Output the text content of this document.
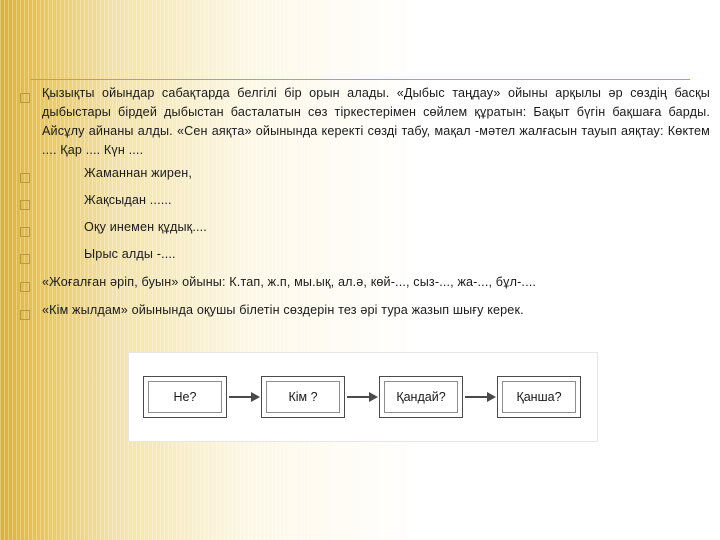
Қызықты ойындар сабақтарда белгілі бір орын алады. «Дыбыс таңдау» ойыны арқылы әр сөздің басқы дыбыстары бірдей дыбыстан басталатын сөз тіркестерімен сөйлем құратын: Бақыт бүгін бақшаға барды. Айсұлу айнаны алды. «Сен аяқта» ойынында керекті сөзді табу, мақал -мәтел жалғасын тауып аяқтау: Көктем .... Қар .... Күн ....
Жаманнан жирен,
Жақсыдан ......
Оқу инемен құдық....
Ырыс алды -....
«Жоғалған әріп, буын» ойыны: К.тап, ж.п, мы.ық, ал.ә, көй-..., сыз-..., жа-..., бұл-....
«Кім жылдам» ойынында оқушы білетін сөздерін тез әрі тура жазып шығу керек.
Не?	Кім ?	Қандай?	Қанша?
